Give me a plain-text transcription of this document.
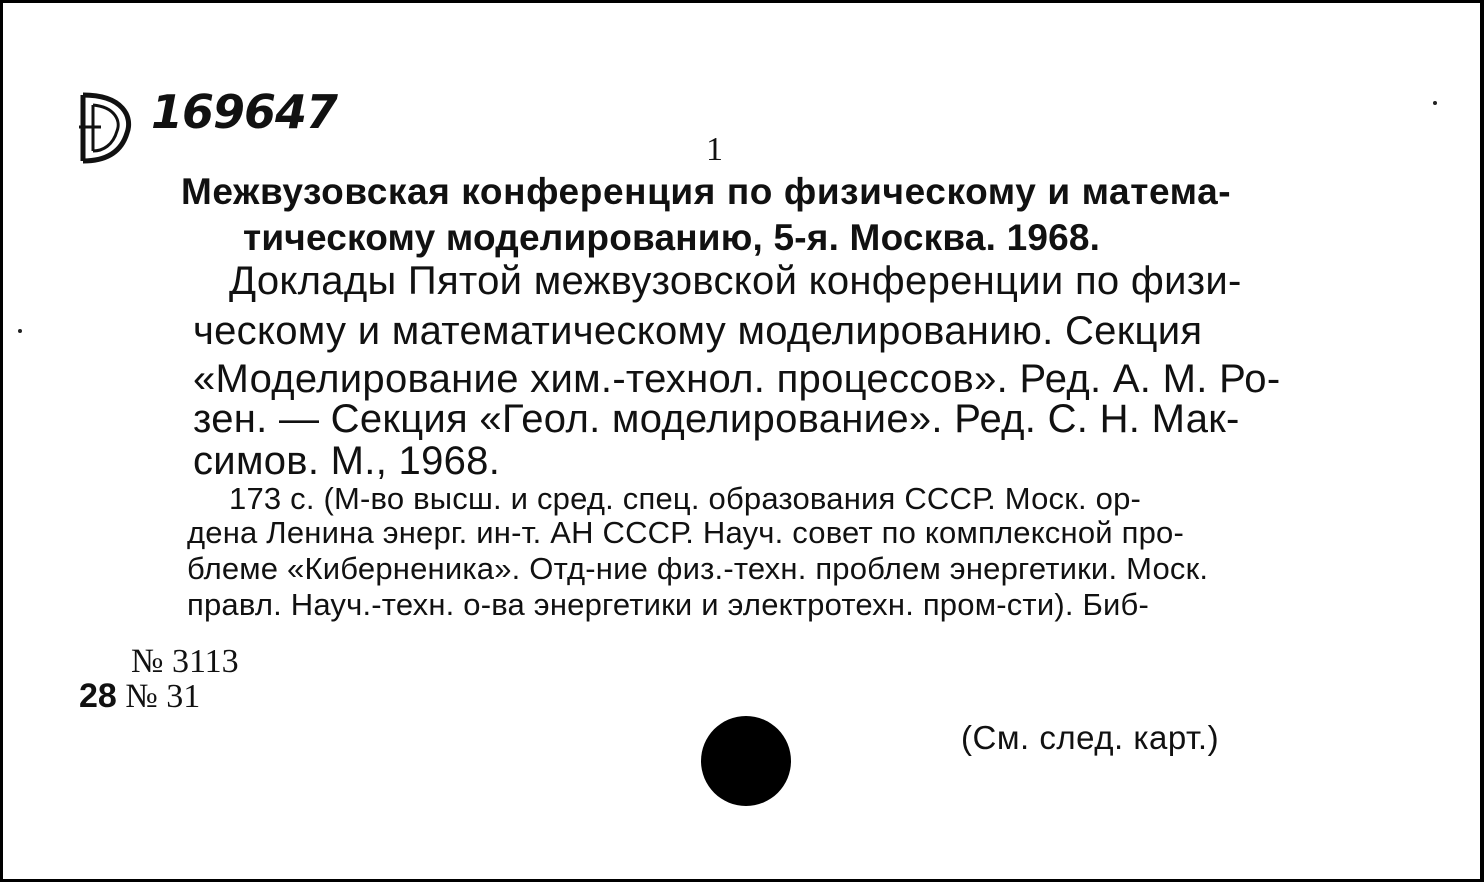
169647

1

Межвузовская конференция по физическому и матема-

тическому моделированию, 5-я. Москва. 1968.

Доклады Пятой межвузовской конференции по физи-

ческому и математическому моделированию. Секция

«Моделирование хим.-технол. процессов». Ред. А. М. Ро-

зен. — Секция «Геол. моделирование». Ред. С. Н. Мак-

симов. М., 1968.

173 с. (М-во высш. и сред. спец. образования СССР. Моск. ор-

дена Ленина энерг. ин-т. АН СССР. Науч. совет по комплексной про-

блеме «Киберненика». Отд-ние физ.-техн. проблем энергетики. Моск.

правл. Науч.-техн. о-ва энергетики и электротехн. пром-сти). Биб-

№ 3113

28 № 31

(См. след. карт.)
